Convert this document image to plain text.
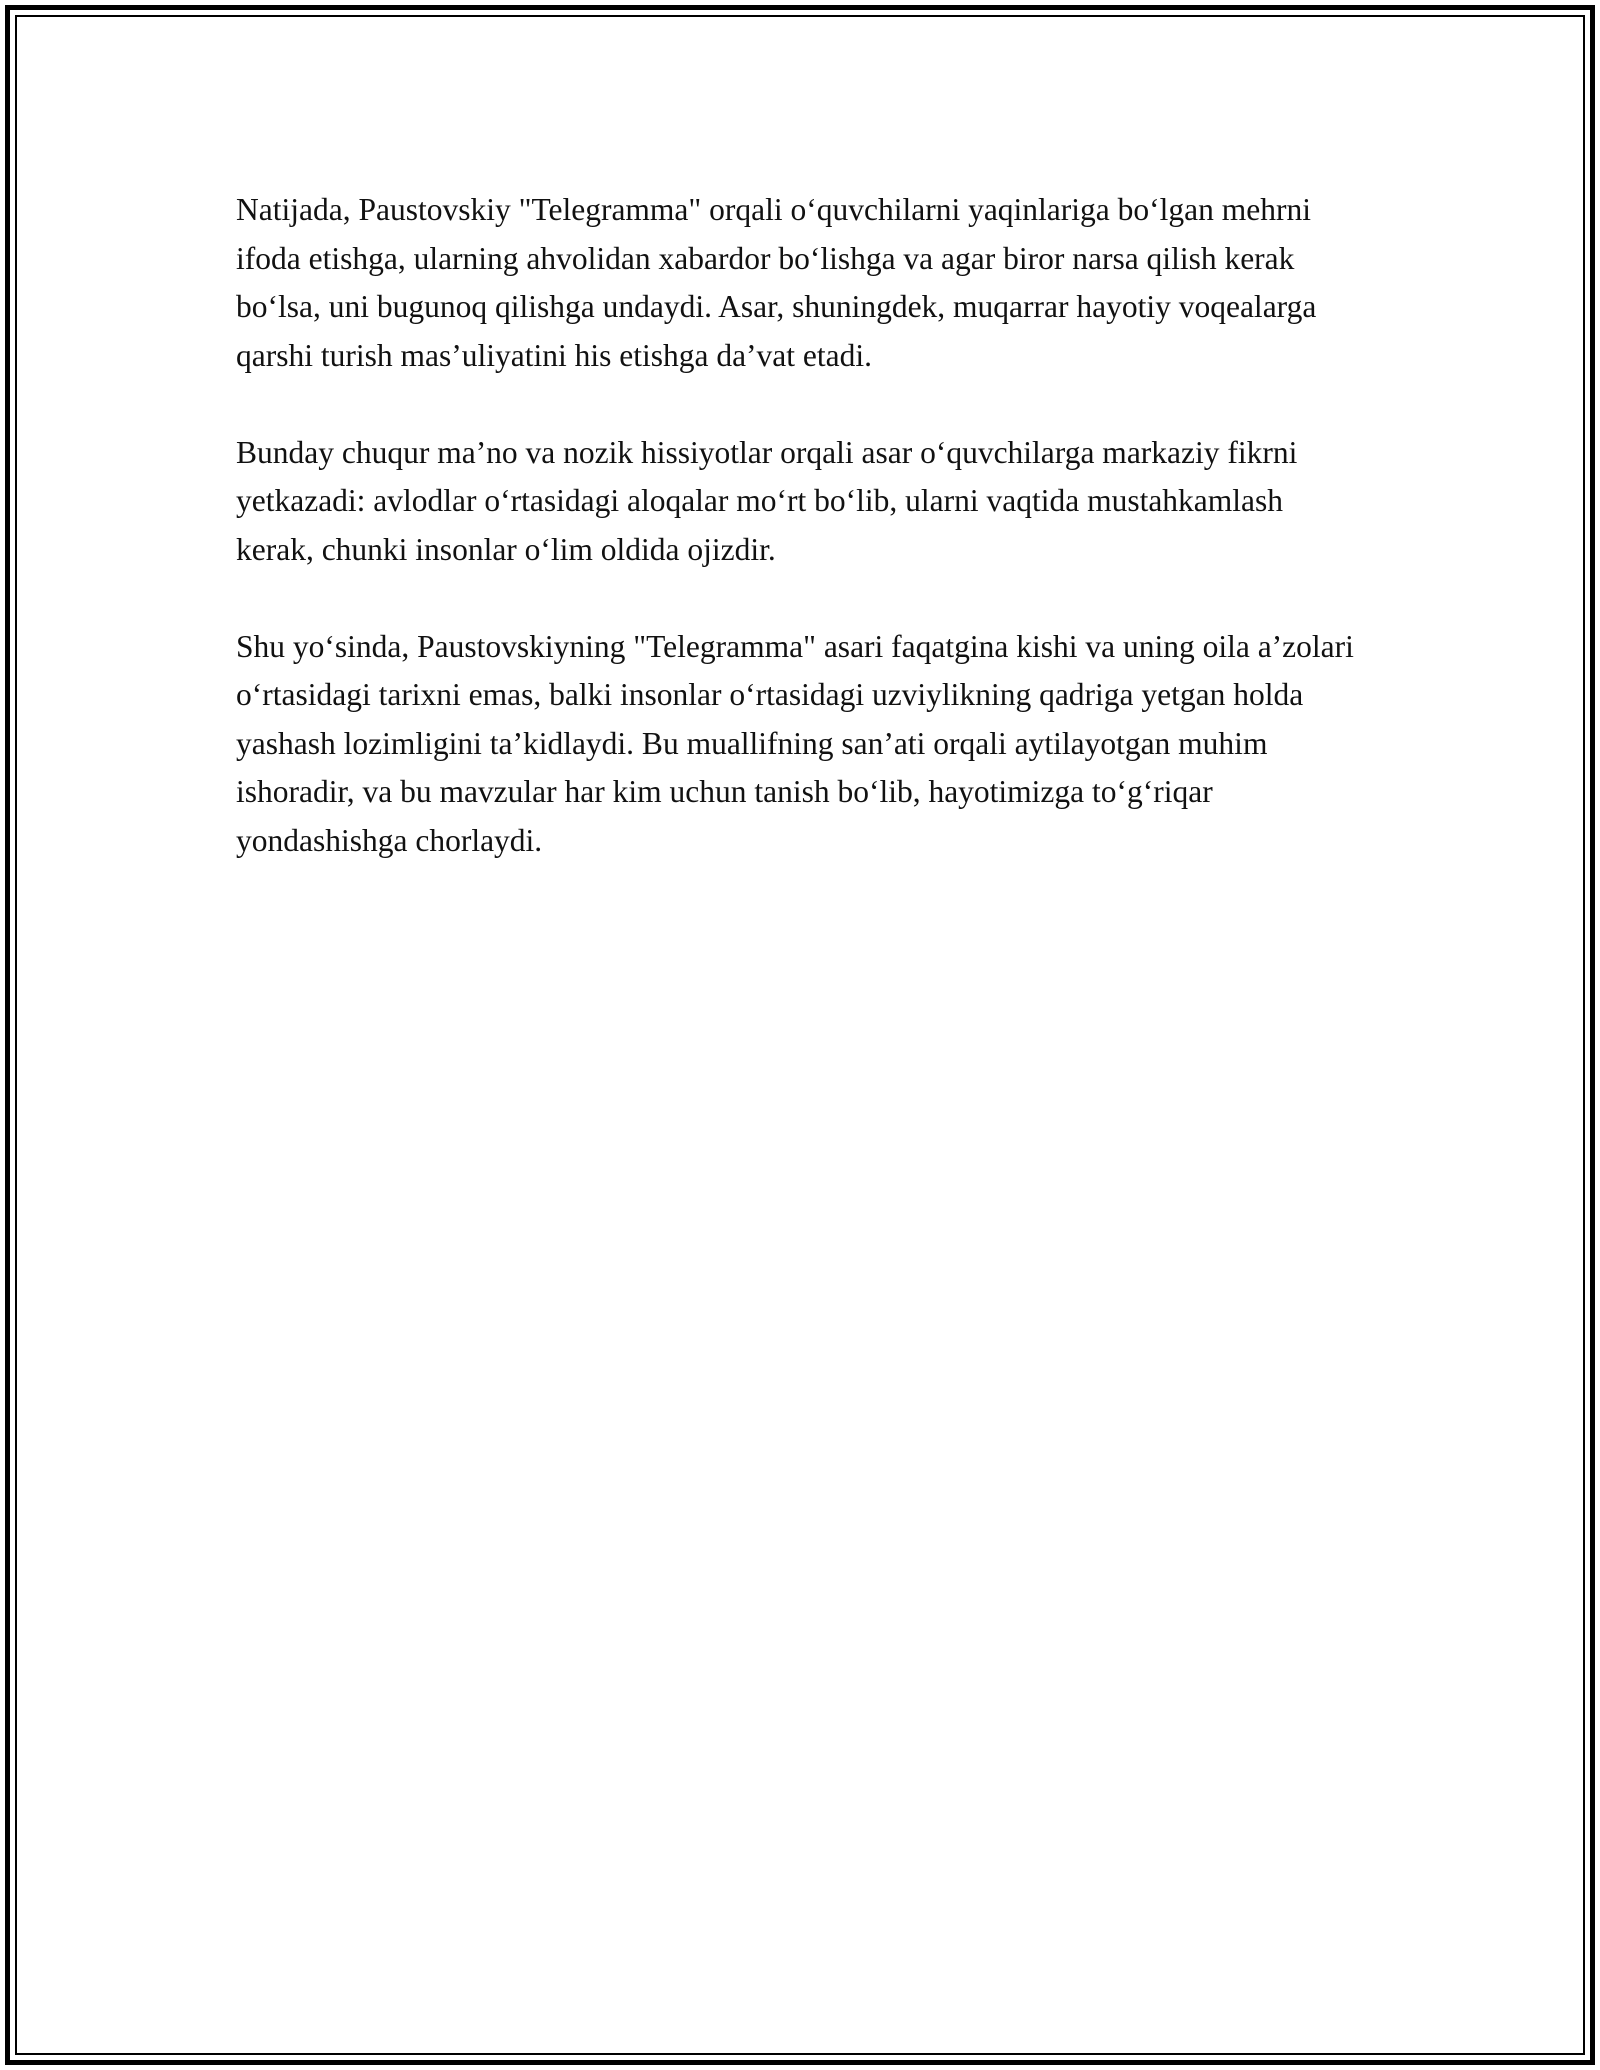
Natijada, Paustovskiy "Telegramma" orqali o‘quvchilarni yaqinlariga bo‘lgan mehrni ifoda etishga, ularning ahvolidan xabardor bo‘lishga va agar biror narsa qilish kerak bo‘lsa, uni bugunoq qilishga undaydi. Asar, shuningdek, muqarrar hayotiy voqealarga qarshi turish mas’uliyatini his etishga da’vat etadi.

Bunday chuqur ma’no va nozik hissiyotlar orqali asar o‘quvchilarga markaziy fikrni yetkazadi: avlodlar o‘rtasidagi aloqalar mo‘rt bo‘lib, ularni vaqtida mustahkamlash kerak, chunki insonlar o‘lim oldida ojizdir.

Shu yo‘sinda, Paustovskiyning "Telegramma" asari faqatgina kishi va uning oila a’zolari o‘rtasidagi tarixni emas, balki insonlar o‘rtasidagi uzviylikning qadriga yetgan holda yashash lozimligini ta’kidlaydi. Bu muallifning san’ati orqali aytilayotgan muhim ishoradir, va bu mavzular har kim uchun tanish bo‘lib, hayotimizga to‘g‘riqar yondashishga chorlaydi.
